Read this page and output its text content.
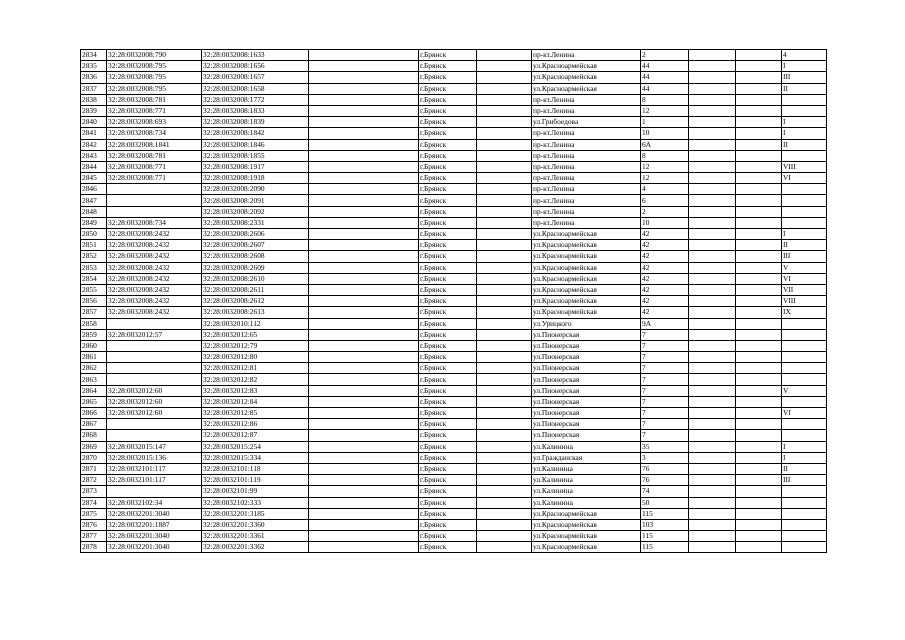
2834	32:28:0032008:790	32:28:0032008:1633		г.Брянск		пр-кт.Ленина	2			4
2835	32:28:0032008:795	32:28:0032008:1656		г.Брянск		ул.Красноармейская	44			I
2836	32:28:0032008:795	32:28:0032008:1657		г.Брянск		ул.Красноармейская	44			III
2837	32:28:0032008:795	32:28:0032008:1658		г.Брянск		ул.Красноармейская	44			II
2838	32:28:0032008:781	32:28:0032008:1772		г.Брянск		пр-кт.Ленина	8			
2839	32:28:0032008:771	32:28:0032008:1833		г.Брянск		пр-кт.Ленина	12			
2840	32:28:0032008:693	32:28:0032008:1839		г.Брянск		ул.Грибоедова	1			I
2841	32:28:0032008:734	32:28:0032008:1842		г.Брянск		пр-кт.Ленина	10			I
2842	32:28:0032008:1841	32:28:0032008:1846		г.Брянск		пр-кт.Ленина	6А			II
2843	32:28:0032008:781	32:28:0032008:1855		г.Брянск		пр-кт.Ленина	8			
2844	32:28:0032008:771	32:28:0032008:1917		г.Брянск		пр-кт.Ленина	12			VIII
2845	32:28:0032008:771	32:28:0032008:1918		г.Брянск		пр-кт.Ленина	12			VI
2846		32:28:0032008:2090		г.Брянск		пр-кт.Ленина	4			
2847		32:28:0032008:2091		г.Брянск		пр-кт.Ленина	6			
2848		32:28:0032008:2092		г.Брянск		пр-кт.Ленина	2			
2849	32:28:0032008:734	32:28:0032008:2331		г.Брянск		пр-кт.Ленина	10			
2850	32:28:0032008:2432	32:28:0032008:2606		г.Брянск		ул.Красноармейская	42			I
2851	32:28:0032008:2432	32:28:0032008:2607		г.Брянск		ул.Красноармейская	42			II
2852	32:28:0032008:2432	32:28:0032008:2608		г.Брянск		ул.Красноармейская	42			III
2853	32:28:0032008:2432	32:28:0032008:2609		г.Брянск		ул.Красноармейская	42			V
2854	32:28:0032008:2432	32:28:0032008:2610		г.Брянск		ул.Красноармейская	42			VI
2855	32:28:0032008:2432	32:28:0032008:2611		г.Брянск		ул.Красноармейская	42			VII
2856	32:28:0032008:2432	32:28:0032008:2612		г.Брянск		ул.Красноармейская	42			VIII
2857	32:28:0032008:2432	32:28:0032008:2613		г.Брянск		ул.Красноармейская	42			IX
2858		32:28:0032010:112		г.Брянск		ул.Урицкого	9А			
2859	32:28:0032012:57	32:28:0032012:65		г.Брянск		ул.Пионерская	7			
2860		32:28:0032012:79		г.Брянск		ул.Пионерская	7			
2861		32:28:0032012:80		г.Брянск		ул.Пионерская	7			
2862		32:28:0032012:81		г.Брянск		ул.Пионерская	7			
2863		32:28:0032012:82		г.Брянск		ул.Пионерская	7			
2864	32:28:0032012:60	32:28:0032012:83		г.Брянск		ул.Пионерская	7			V
2865	32:28:0032012:60	32:28:0032012:84		г.Брянск		ул.Пионерская	7			
2866	32:28:0032012:60	32:28:0032012:85		г.Брянск		ул.Пионерская	7			VI
2867		32:28:0032012:86		г.Брянск		ул.Пионерская	7			
2868		32:28:0032012:87		г.Брянск		ул.Пионерская	7			
2869	32:28:0032015:147	32:28:0032015:254		г.Брянск		ул.Калинина	35			I
2870	32:28:0032015:136	32:28:0032015:334		г.Брянск		ул.Гражданская	3			I
2871	32:28:0032101:117	32:28:0032101:118		г.Брянск		ул.Калинина	76			II
2872	32:28:0032101:117	32:28:0032101:119		г.Брянск		ул.Калинина	76			III
2873		32:28:0032101:99		г.Брянск		ул.Калинина	74			
2874	32:28:0032102:34	32:28:0032102:333		г.Брянск		ул.Калинина	50			
2875	32:28:0032201:3040	32:28:0032201:3185		г.Брянск		ул.Красноармейская	115			
2876	32:28:0032201:1887	32:28:0032201:3360		г.Брянск		ул.Красноармейская	103			
2877	32:28:0032201:3040	32:28:0032201:3361		г.Брянск		ул.Красноармейская	115			
2878	32:28:0032201:3040	32:28:0032201:3362		г.Брянск		ул.Красноармейская	115			
